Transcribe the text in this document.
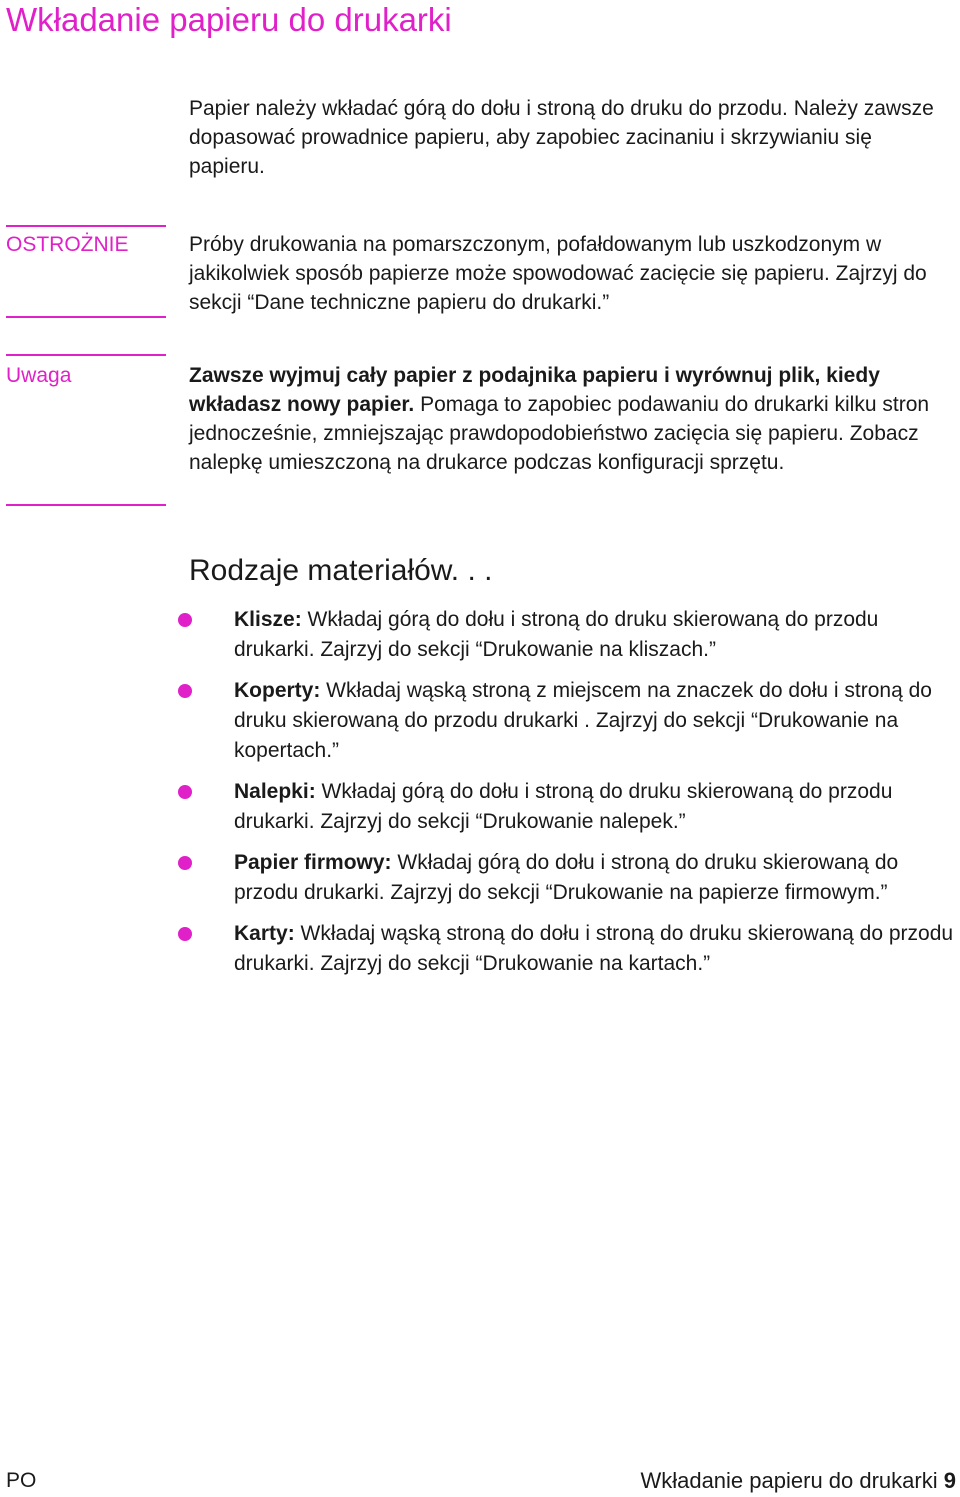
Wkładanie papieru do drukarki

Papier należy wkładać górą do dołu i stroną do druku do przodu. Należy zawsze dopasować prowadnice papieru, aby zapobiec zacinaniu i skrzywianiu się papieru.

OSTROŻNIE	Próby drukowania na pomarszczonym, pofałdowanym lub uszkodzonym w jakikolwiek sposób papierze może spowodować zacięcie się papieru. Zajrzyj do sekcji “Dane techniczne papieru do drukarki.”

Uwaga	Zawsze wyjmuj cały papier z podajnika papieru i wyrównuj plik, kiedy wkładasz nowy papier. Pomaga to zapobiec podawaniu do drukarki kilku stron jednocześnie, zmniejszając prawdopodobieństwo zacięcia się papieru. Zobacz nalepkę umieszczoną na drukarce podczas konfiguracji sprzętu.

Rodzaje materiałów. . .
Klisze: Wkładaj górą do dołu i stroną do druku skierowaną do przodu drukarki. Zajrzyj do sekcji “Drukowanie na kliszach.”
Koperty: Wkładaj wąską stroną z miejscem na znaczek do dołu i stroną do druku skierowaną do przodu drukarki . Zajrzyj do sekcji “Drukowanie na kopertach.”
Nalepki: Wkładaj górą do dołu i stroną do druku skierowaną do przodu drukarki. Zajrzyj do sekcji “Drukowanie nalepek.”
Papier firmowy: Wkładaj górą do dołu i stroną do druku skierowaną do przodu drukarki. Zajrzyj do sekcji “Drukowanie na papierze firmowym.”
Karty: Wkładaj wąską stroną do dołu i stroną do druku skierowaną do przodu drukarki. Zajrzyj do sekcji “Drukowanie na kartach.”
PO	Wkładanie papieru do drukarki 9
